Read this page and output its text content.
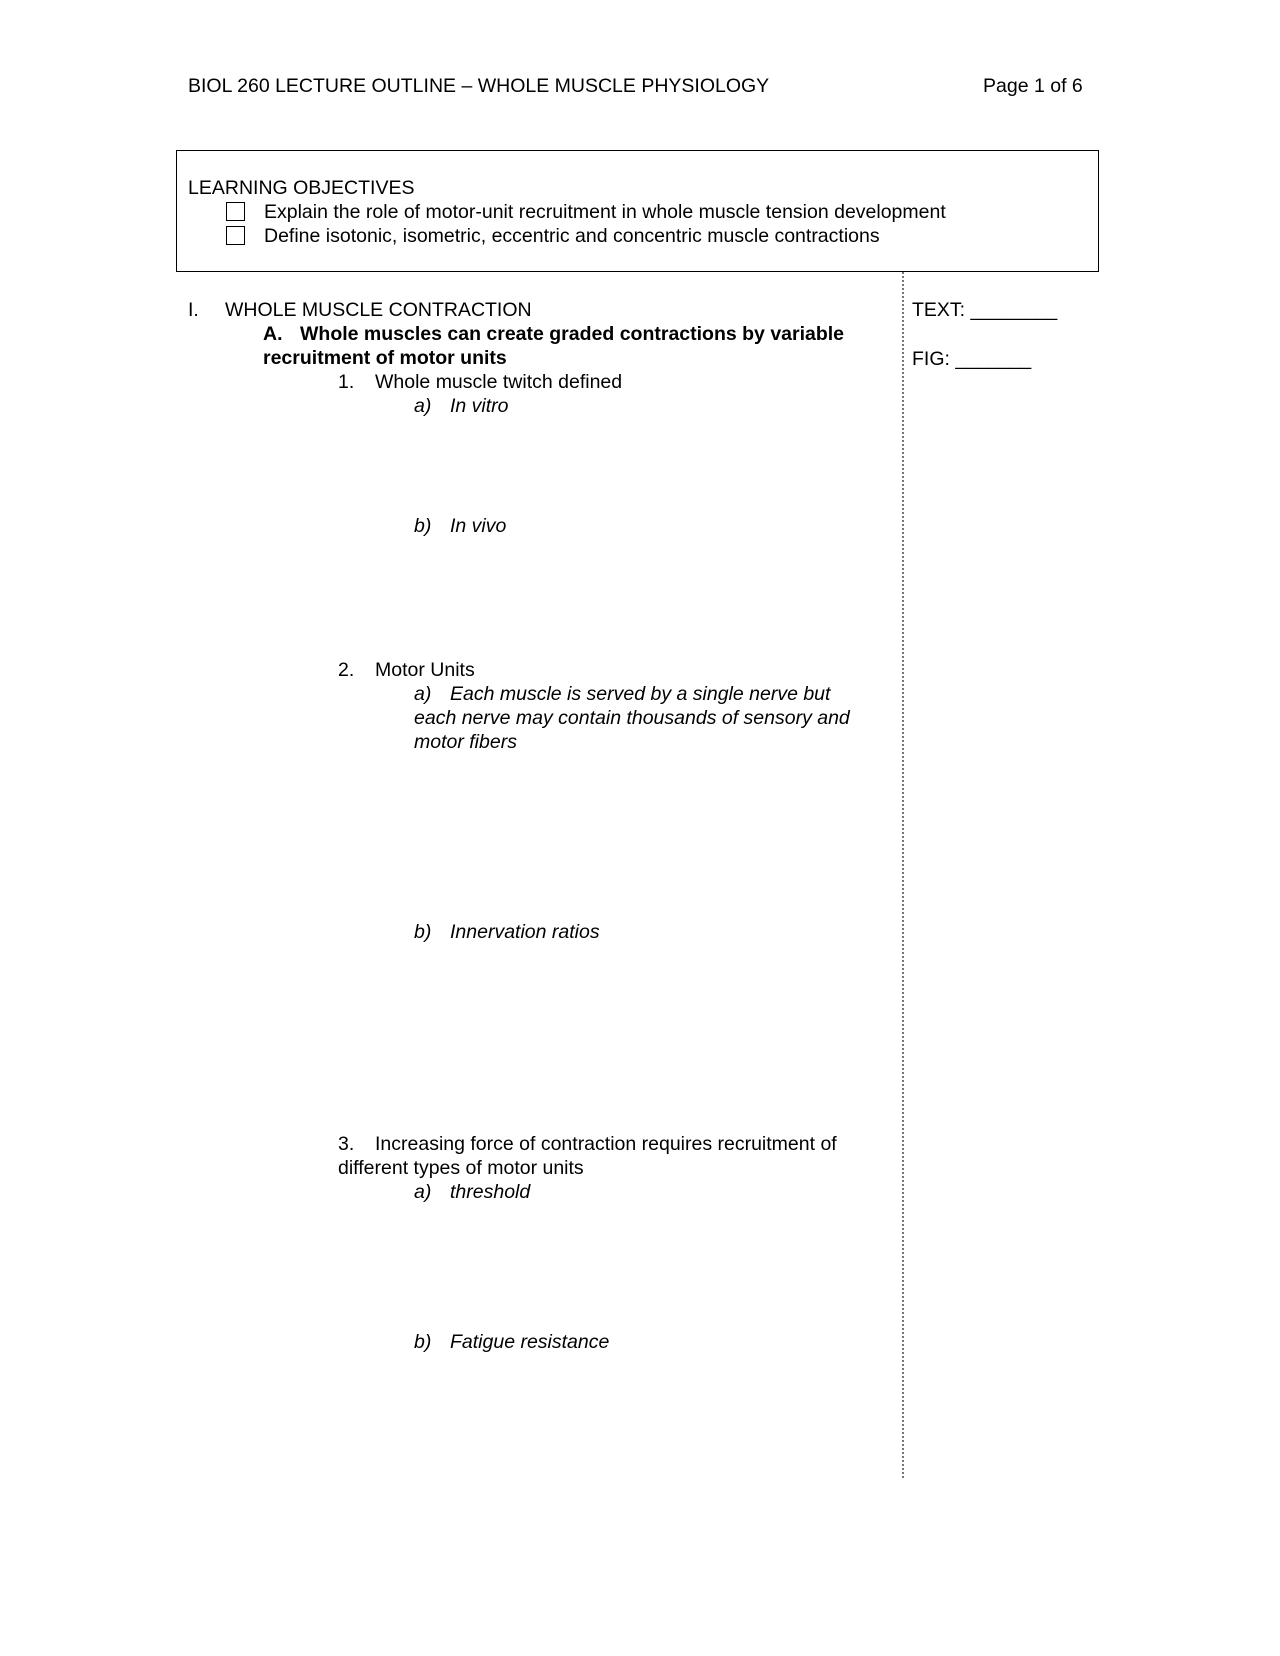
BIOL 260 LECTURE OUTLINE – WHOLE MUSCLE PHYSIOLOGY	Page 1 of 6
LEARNING OBJECTIVES
Explain the role of motor-unit recruitment in whole muscle tension development
Define isotonic, isometric, eccentric and concentric muscle contractions
TEXT: ________
FIG: _______
I. WHOLE MUSCLE CONTRACTION
A. Whole muscles can create graded contractions by variable
recruitment of motor units
1. Whole muscle twitch defined
a) In vitro
b) In vivo
2. Motor Units
a) Each muscle is served by a single nerve but
each nerve may contain thousands of sensory and
motor fibers
b) Innervation ratios
3. Increasing force of contraction requires recruitment of
different types of motor units
a) threshold
b) Fatigue resistance
